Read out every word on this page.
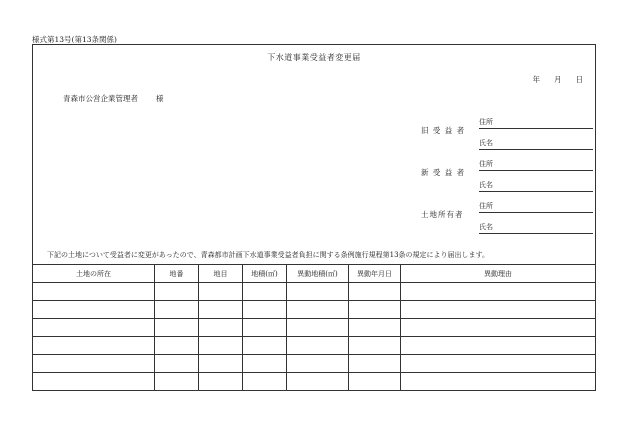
様式第13号(第13条関係)
下水道事業受益者変更届
年 月 日
青森市公営企業管理者 様
旧 受 益 者
住所
氏名
新 受 益 者
住所
氏名
土地所有者
住所
氏名
下記の土地について受益者に変更があったので、青森都市計画下水道事業受益者負担に関する条例施行規程第13条の規定により届出します。
土地の所在	地番	地目	地積(㎡)	異動地積(㎡)	異動年月日	異動理由
